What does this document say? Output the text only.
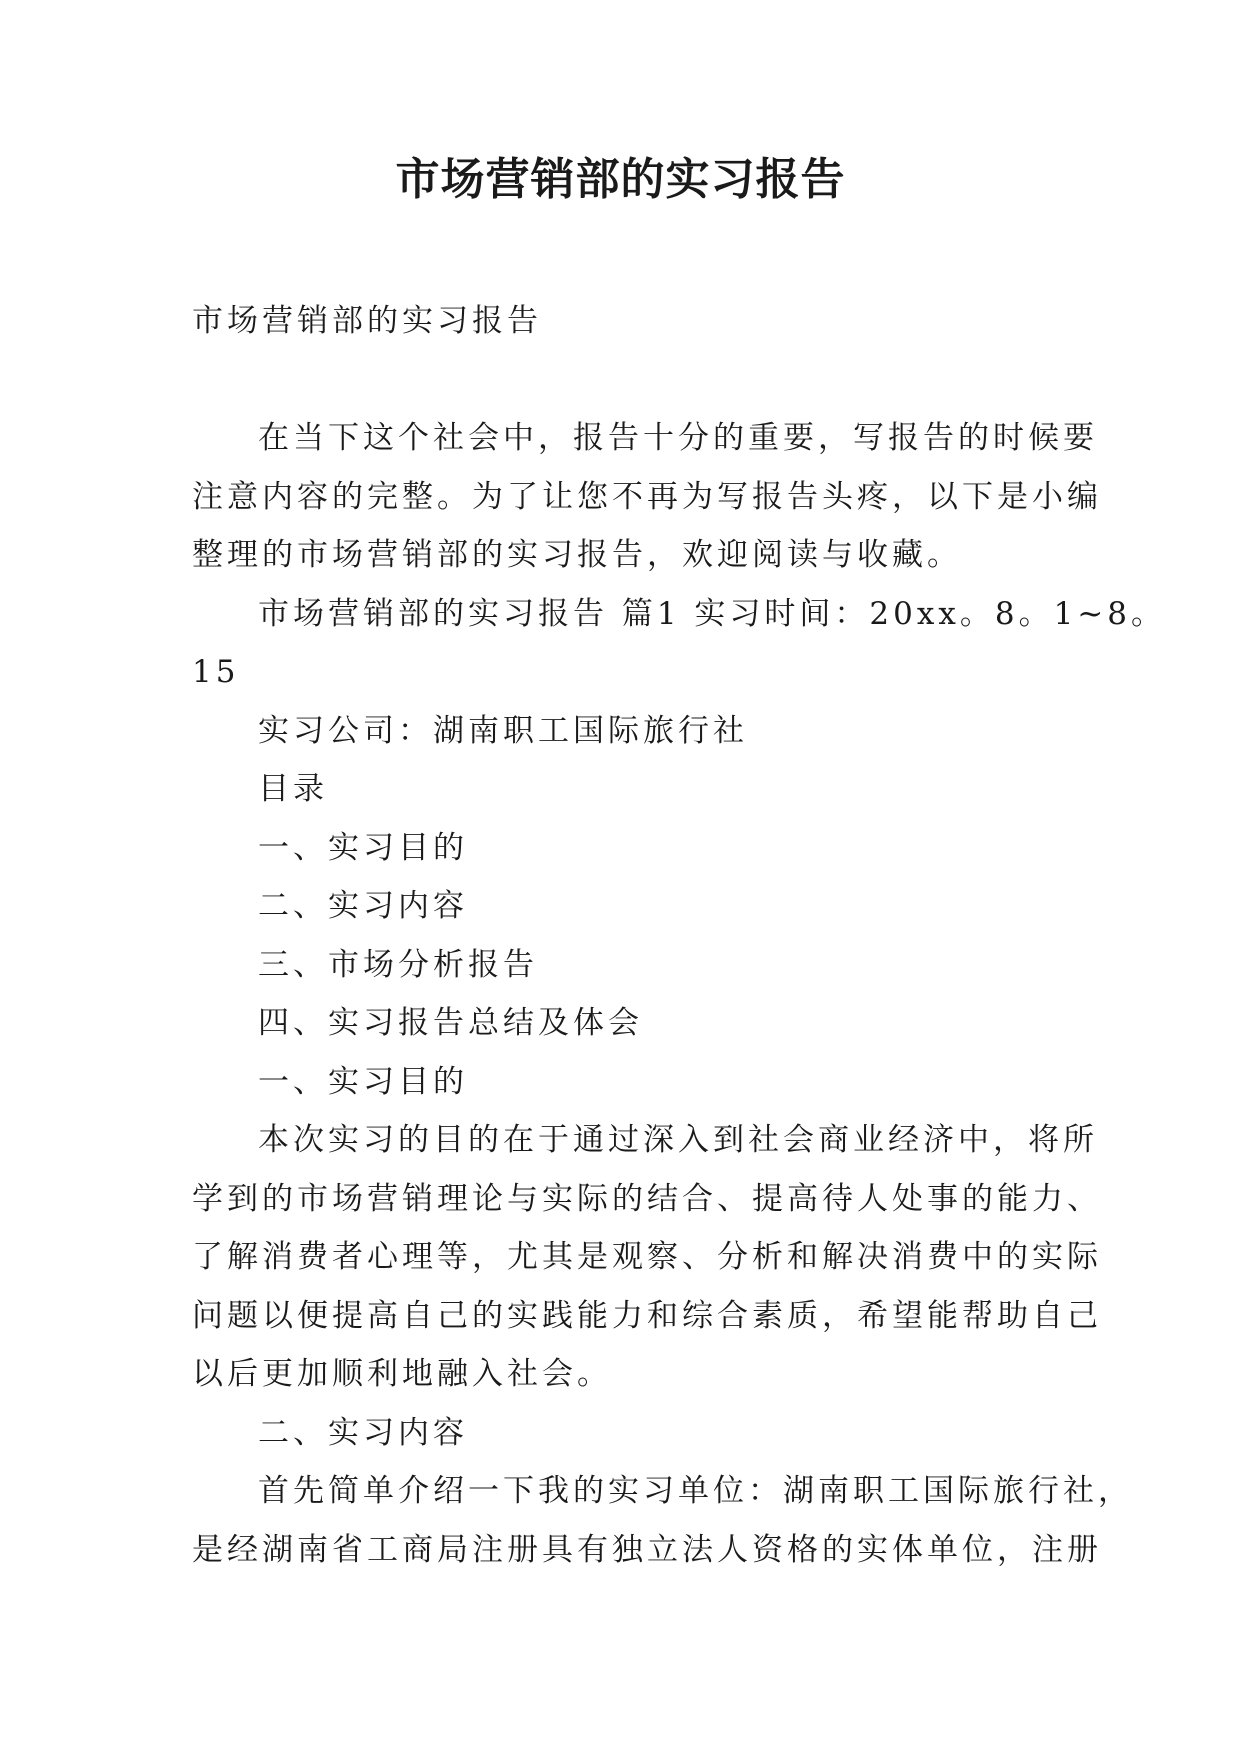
市场营销部的实习报告
市场营销部的实习报告
在当下这个社会中，报告十分的重要，写报告的时候要
注意内容的完整。为了让您不再为写报告头疼，以下是小编
整理的市场营销部的实习报告，欢迎阅读与收藏。
市场营销部的实习报告 篇1 实习时间：20xx。8。1~8。
15
实习公司：湖南职工国际旅行社
目录
一、实习目的
二、实习内容
三、市场分析报告
四、实习报告总结及体会
一、实习目的
本次实习的目的在于通过深入到社会商业经济中，将所
学到的市场营销理论与实际的结合、提高待人处事的能力、
了解消费者心理等，尤其是观察、分析和解决消费中的实际
问题以便提高自己的实践能力和综合素质，希望能帮助自己
以后更加顺利地融入社会。
二、实习内容
首先简单介绍一下我的实习单位：湖南职工国际旅行社，
是经湖南省工商局注册具有独立法人资格的实体单位，注册
